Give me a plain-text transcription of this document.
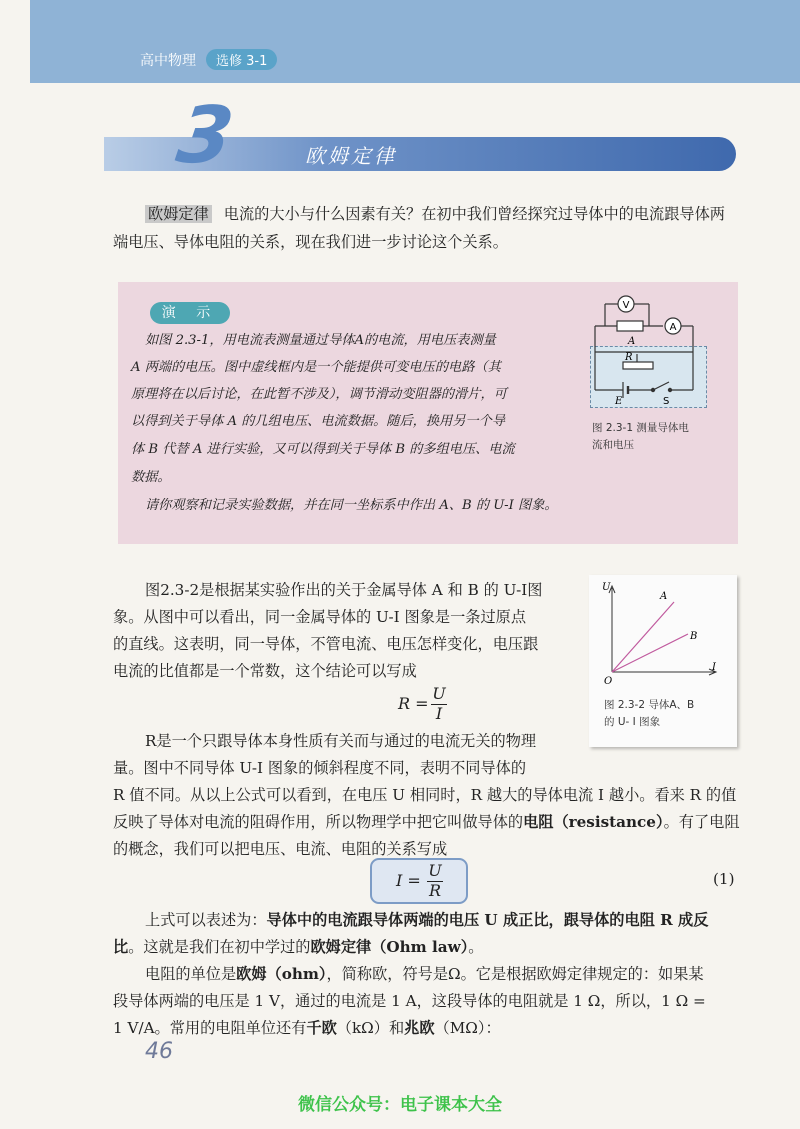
高中物理	选修 3-1
3	欧姆定律
欧姆定律 电流的大小与什么因素有关？在初中我们曾经探究过导体中的电流跟导体两
端电压、导体电阻的关系，现在我们进一步讨论这个关系。
演 示
如图 2.3-1，用电流表测量通过导体A的电流，用电压表测量
A 两端的电压。图中虚线框内是一个能提供可变电压的电路（其
原理将在以后讨论，在此暂不涉及），调节滑动变阻器的滑片，可
以得到关于导体 A 的几组电压、电流数据。随后，换用另一个导
体 B 代替 A 进行实验，又可以得到关于导体 B 的多组电压、电流
数据。
请你观察和记录实验数据，并在同一坐标系中作出 A、B 的 U-I 图象。
V
A
A
R
E	S
图 2.3-1 测量导体电
流和电压
图2.3-2是根据某实验作出的关于金属导体 A 和 B 的 U-I图
象。从图中可以看出，同一金属导体的 U-I 图象是一条过原点
的直线。这表明，同一导体，不管电流、电压怎样变化，电压跟
电流的比值都是一个常数，这个结论可以写成
R =
U
I
U
I
O
A
B
图 2.3-2 导体A、B
的 U- I 图象
R是一个只跟导体本身性质有关而与通过的电流无关的物理
量。图中不同导体 U-I 图象的倾斜程度不同，表明不同导体的
R 值不同。从以上公式可以看到，在电压 U 相同时，R 越大的导体电流 I 越小。看来 R 的值
反映了导体对电流的阻碍作用，所以物理学中把它叫做导体的电阻（resistance）。有了电阻
的概念，我们可以把电压、电流、电阻的关系写成
I =
U
R
(1)
上式可以表述为：导体中的电流跟导体两端的电压 U 成正比，跟导体的电阻 R 成反
比。这就是我们在初中学过的欧姆定律（Ohm law）。
电阻的单位是欧姆（ohm），简称欧，符号是Ω。它是根据欧姆定律规定的：如果某
段导体两端的电压是 1 V，通过的电流是 1 A，这段导体的电阻就是 1 Ω，所以，1 Ω =
1 V/A。常用的电阻单位还有千欧（kΩ）和兆欧（MΩ）：
46
微信公众号：电子课本大全
